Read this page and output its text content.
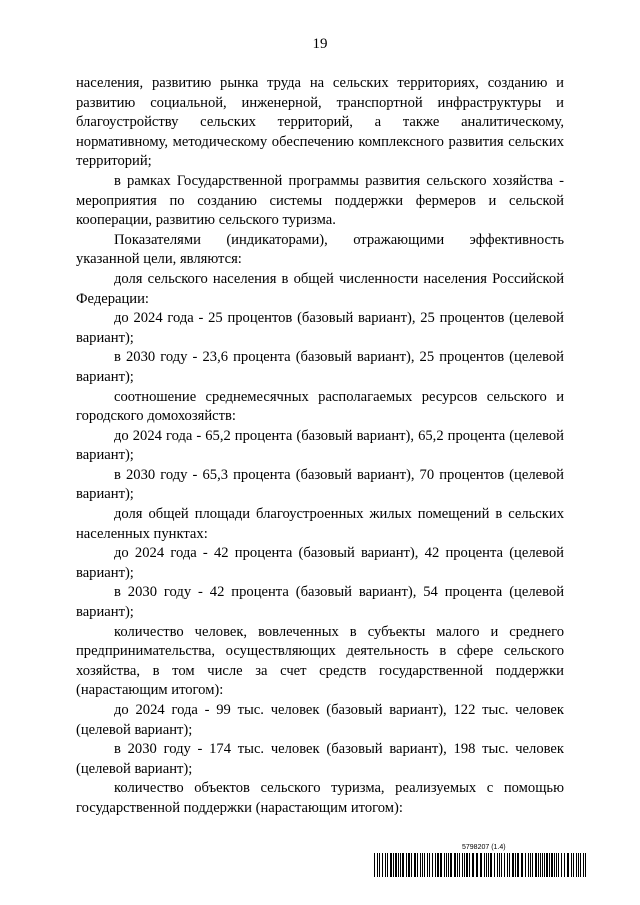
19

населения, развитию рынка труда на сельских территориях, созданию и развитию социальной, инженерной, транспортной инфраструктуры и благоустройству сельских территорий, а также аналитическому, нормативному, методическому обеспечению комплексного развития сельских территорий;

в рамках Государственной программы развития сельского хозяйства - мероприятия по созданию системы поддержки фермеров и сельской кооперации, развитию сельского туризма.

Показателями (индикаторами), отражающими эффективность указанной цели, являются:

доля сельского населения в общей численности населения Российской Федерации:

до 2024 года - 25 процентов (базовый вариант), 25 процентов (целевой вариант);

в 2030 году - 23,6 процента (базовый вариант), 25 процентов (целевой вариант);

соотношение среднемесячных располагаемых ресурсов сельского и городского домохозяйств:

до 2024 года - 65,2 процента (базовый вариант), 65,2 процента (целевой вариант);

в 2030 году - 65,3 процента (базовый вариант), 70 процентов (целевой вариант);

доля общей площади благоустроенных жилых помещений в сельских населенных пунктах:

до 2024 года - 42 процента (базовый вариант), 42 процента (целевой вариант);

в 2030 году - 42 процента (базовый вариант), 54 процента (целевой вариант);

количество человек, вовлеченных в субъекты малого и среднего предпринимательства, осуществляющих деятельность в сфере сельского хозяйства, в том числе за счет средств государственной поддержки (нарастающим итогом):

до 2024 года - 99 тыс. человек (базовый вариант), 122 тыс. человек (целевой вариант);

в 2030 году - 174 тыс. человек (базовый вариант), 198 тыс. человек (целевой вариант);

количество объектов сельского туризма, реализуемых с помощью государственной поддержки (нарастающим итогом):

5798207 (1.4)
